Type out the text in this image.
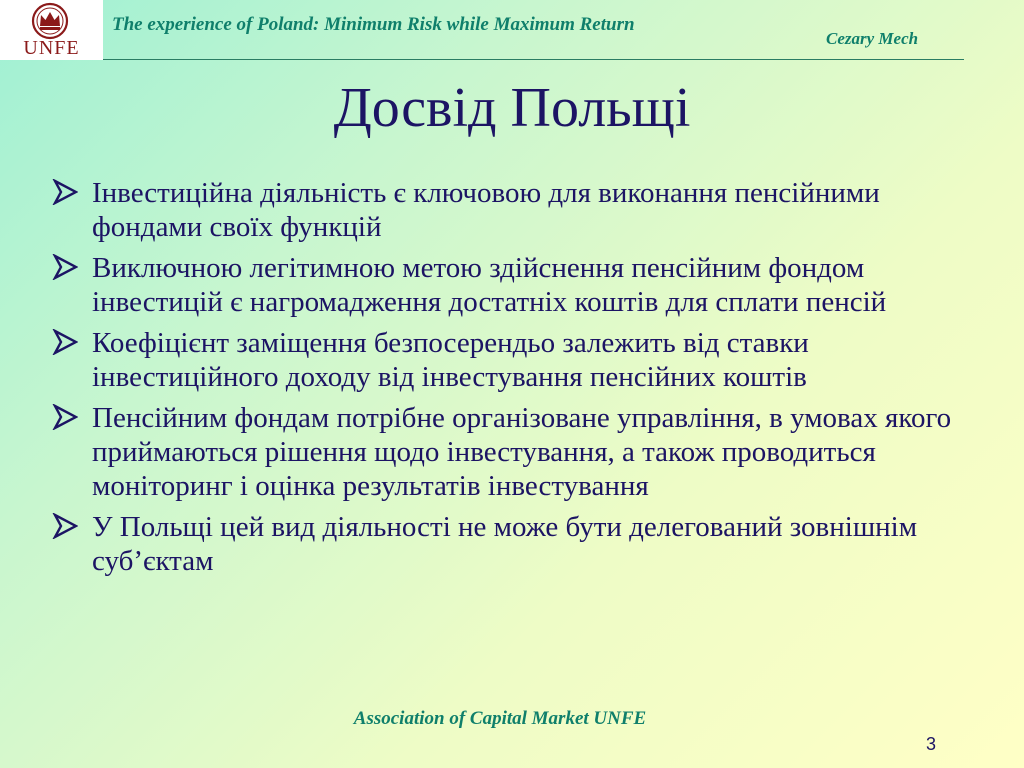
UNFE
The experience of Poland: Minimum Risk while Maximum Return
Cezary Mech
Досвід Польщі
Інвестиційна діяльність є ключовою для виконання пенсійними фондами своїх функцій
Виключною легітимною метою здійснення пенсійним фондом інвестицій є нагромадження достатніх коштів для сплати пенсій
Коефіцієнт заміщення безпосерендьо залежить від ставки інвестиційного доходу від інвестування пенсійних коштів
Пенсійним фондам потрібне організоване управління, в умовах якого приймаються рішення щодо інвестування, а також проводиться моніторинг і оцінка результатів інвестування
У Польщі цей вид діяльності не може бути делегований зовнішнім суб’єктам
Association of Capital Market UNFE
3
